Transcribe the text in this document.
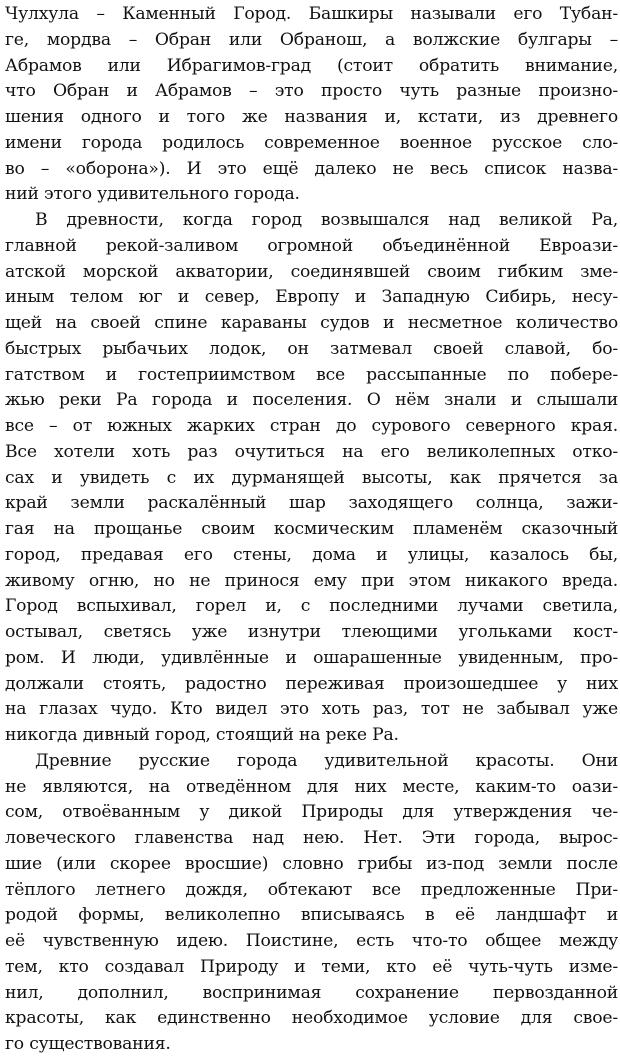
Чулхула – Каменный Город. Башкиры называли его Тубан-
ге, мордва – Обран или Обранош, а волжские булгары –
Абрамов или Ибрагимов-град (стоит обратить внимание,
что Обран и Абрамов – это просто чуть разные произно-
шения одного и того же названия и, кстати, из древнего
имени города родилось современное военное русское сло-
во – «оборона»). И это ещё далеко не весь список назва-
ний этого удивительного города.
В древности, когда город возвышался над великой Ра,
главной рекой-заливом огромной объединённой Евроази-
атской морской акватории, соединявшей своим гибким зме-
иным телом юг и север, Европу и Западную Сибирь, несу-
щей на своей спине караваны судов и несметное количество
быстрых рыбачьих лодок, он затмевал своей славой, бо-
гатством и гостеприимством все рассыпанные по побере-
жью реки Ра города и поселения. О нём знали и слышали
все – от южных жарких стран до сурового северного края.
Все хотели хоть раз очутиться на его великолепных отко-
сах и увидеть с их дурманящей высоты, как прячется за
край земли раскалённый шар заходящего солнца, зажи-
гая на прощанье своим космическим пламенём сказочный
город, предавая его стены, дома и улицы, казалось бы,
живому огню, но не принося ему при этом никакого вреда.
Город вспыхивал, горел и, с последними лучами светила,
остывал, светясь уже изнутри тлеющими угольками кост-
ром. И люди, удивлённые и ошарашенные увиденным, про-
должали стоять, радостно переживая произошедшее у них
на глазах чудо. Кто видел это хоть раз, тот не забывал уже
никогда дивный город, стоящий на реке Ра.
Древние русские города удивительной красоты. Они
не являются, на отведённом для них месте, каким-то оази-
сом, отвоёванным у дикой Природы для утверждения че-
ловеческого главенства над нею. Нет. Эти города, вырос-
шие (или скорее вросшие) словно грибы из-под земли после
тёплого летнего дождя, обтекают все предложенные При-
родой формы, великолепно вписываясь в её ландшафт и
её чувственную идею. Поистине, есть что-то общее между
тем, кто создавал Природу и теми, кто её чуть-чуть изме-
нил, дополнил, воспринимая сохранение первозданной
красоты, как единственно необходимое условие для свое-
го существования.
